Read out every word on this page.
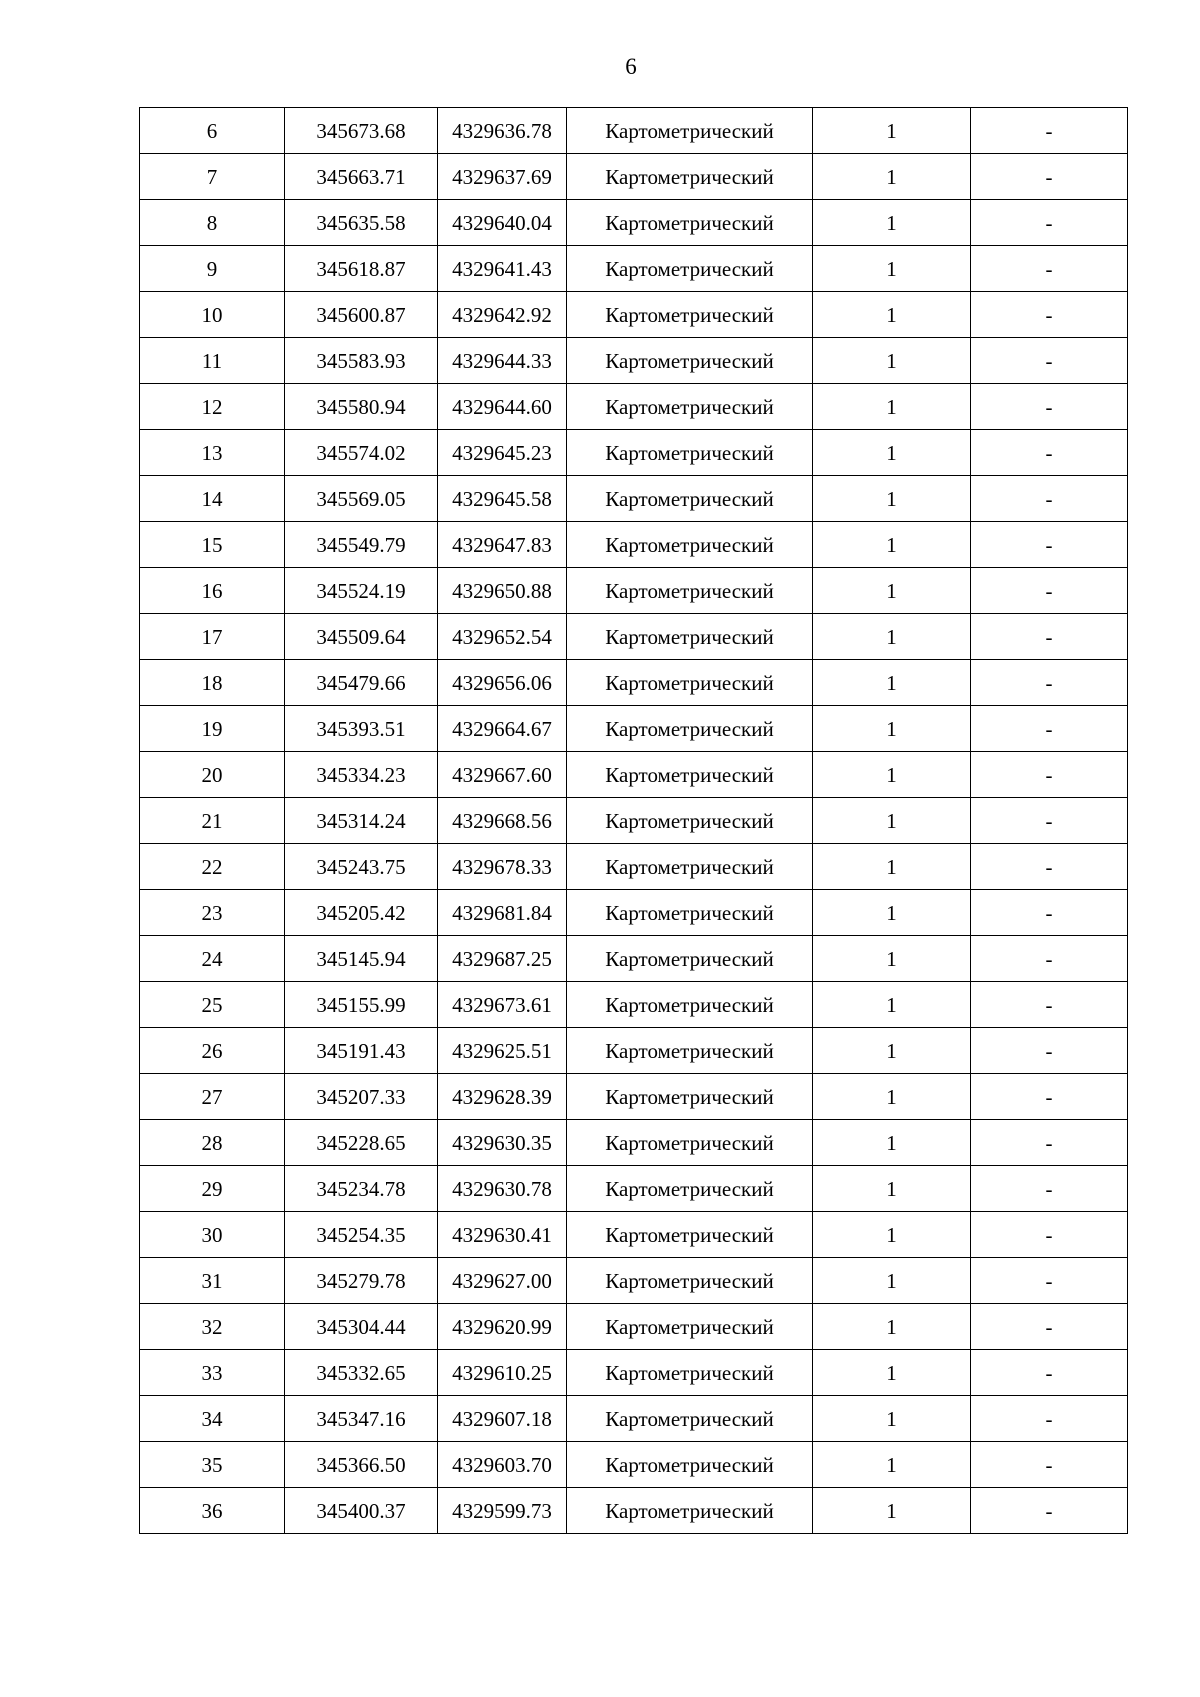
6
6	345673.68	4329636.78	Картометрический	1	-
7	345663.71	4329637.69	Картометрический	1	-
8	345635.58	4329640.04	Картометрический	1	-
9	345618.87	4329641.43	Картометрический	1	-
10	345600.87	4329642.92	Картометрический	1	-
11	345583.93	4329644.33	Картометрический	1	-
12	345580.94	4329644.60	Картометрический	1	-
13	345574.02	4329645.23	Картометрический	1	-
14	345569.05	4329645.58	Картометрический	1	-
15	345549.79	4329647.83	Картометрический	1	-
16	345524.19	4329650.88	Картометрический	1	-
17	345509.64	4329652.54	Картометрический	1	-
18	345479.66	4329656.06	Картометрический	1	-
19	345393.51	4329664.67	Картометрический	1	-
20	345334.23	4329667.60	Картометрический	1	-
21	345314.24	4329668.56	Картометрический	1	-
22	345243.75	4329678.33	Картометрический	1	-
23	345205.42	4329681.84	Картометрический	1	-
24	345145.94	4329687.25	Картометрический	1	-
25	345155.99	4329673.61	Картометрический	1	-
26	345191.43	4329625.51	Картометрический	1	-
27	345207.33	4329628.39	Картометрический	1	-
28	345228.65	4329630.35	Картометрический	1	-
29	345234.78	4329630.78	Картометрический	1	-
30	345254.35	4329630.41	Картометрический	1	-
31	345279.78	4329627.00	Картометрический	1	-
32	345304.44	4329620.99	Картометрический	1	-
33	345332.65	4329610.25	Картометрический	1	-
34	345347.16	4329607.18	Картометрический	1	-
35	345366.50	4329603.70	Картометрический	1	-
36	345400.37	4329599.73	Картометрический	1	-
